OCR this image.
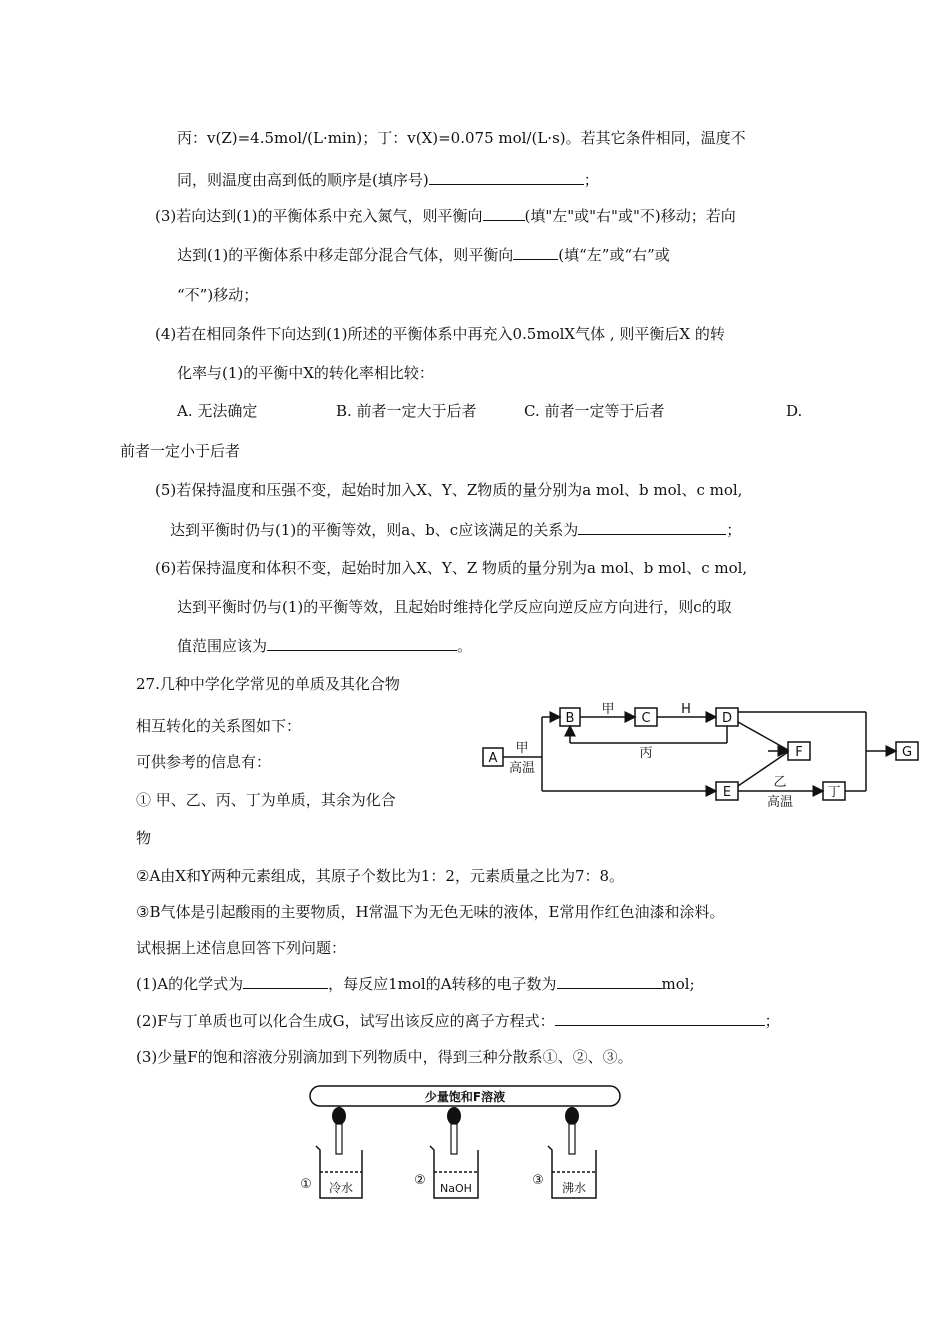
丙：v(Z)=4.5mol/(L·min)；丁：v(X)=0.075 mol/(L·s)。若其它条件相同，温度不
同，则温度由高到低的顺序是(填序号)	；
(3)若向达到(1)的平衡体系中充入氮气，则平衡向	(填"左"或"右"或"不)移动；若向
达到(1)的平衡体系中移走部分混合气体，则平衡向	(填“左”或“右”或
“不”)移动；
(4)若在相同条件下向达到(1)所述的平衡体系中再充入0.5molX气体 , 则平衡后X 的转
化率与(1)的平衡中X的转化率相比较：
A. 无法确定	B. 前者一定大于后者	C. 前者一定等于后者	D.
前者一定小于后者
(5)若保持温度和压强不变，起始时加入X、Y、Z物质的量分别为a mol、b mol、c mol,
达到平衡时仍与(1)的平衡等效，则a、b、c应该满足的关系为	；
(6)若保持温度和体积不变，起始时加入X、Y、Z 物质的量分别为a mol、b mol、c mol,
达到平衡时仍与(1)的平衡等效，且起始时维持化学反应向逆反应方向进行，则c的取
值范围应该为	。
27.几种中学化学常见的单质及其化合物
相互转化的关系图如下：
可供参考的信息有：
① 甲、乙、丙、丁为单质，其余为化合
物
②A由X和Y两种元素组成，其原子个数比为1：2，元素质量之比为7：8。
③B气体是引起酸雨的主要物质，H常温下为无色无味的液体，E常用作红色油漆和涂料。
试根据上述信息回答下列问题：
(1)A的化学式为	，每反应1mol的A转移的电子数为	mol;
(2)F与丁单质也可以化合生成G，试写出该反应的离子方程式：	；
(3)少量F的饱和溶液分别滴加到下列物质中，得到三种分散系①、②、③。
A
B	C	D
E
F
丁
G
甲
高温
甲	H
丙
乙
高温
少量饱和F溶液
① 冷水	②
NaOH
③ 沸水
